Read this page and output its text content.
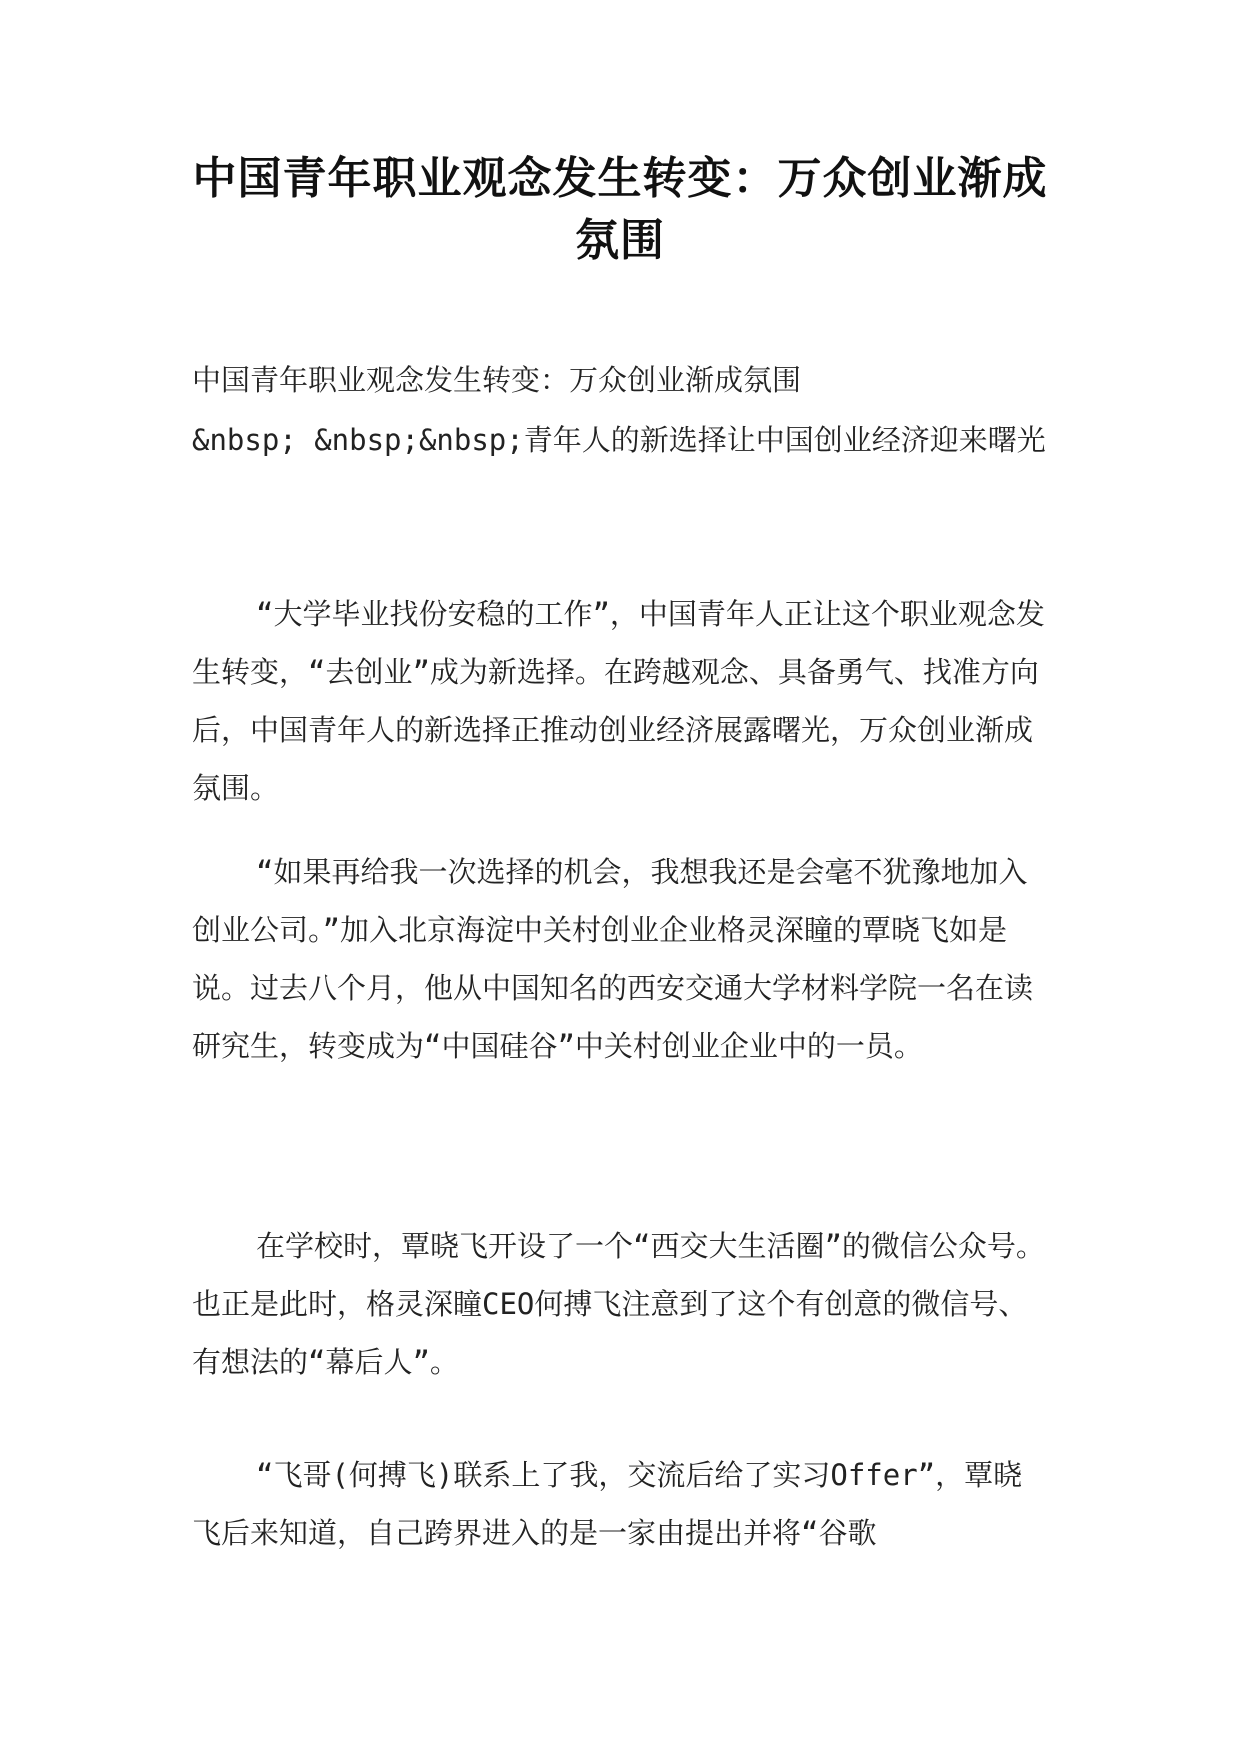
中国青年职业观念发生转变：万众创业渐成氛围

中国青年职业观念发生转变：万众创业渐成氛围

&nbsp; &nbsp;&nbsp;青年人的新选择让中国创业经济迎来曙光

“大学毕业找份安稳的工作”，中国青年人正让这个职业观念发生转变，“去创业”成为新选择。在跨越观念、具备勇气、找准方向后，中国青年人的新选择正推动创业经济展露曙光，万众创业渐成氛围。

“如果再给我一次选择的机会，我想我还是会毫不犹豫地加入创业公司。”加入北京海淀中关村创业企业格灵深瞳的覃晓飞如是说。过去八个月，他从中国知名的西安交通大学材料学院一名在读研究生，转变成为“中国硅谷”中关村创业企业中的一员。

在学校时，覃晓飞开设了一个“西交大生活圈”的微信公众号。也正是此时，格灵深瞳CEO何搏飞注意到了这个有创意的微信号、有想法的“幕后人”。

“飞哥(何搏飞)联系上了我，交流后给了实习Offer”，覃晓飞后来知道，自己跨界进入的是一家由提出并将“谷歌
